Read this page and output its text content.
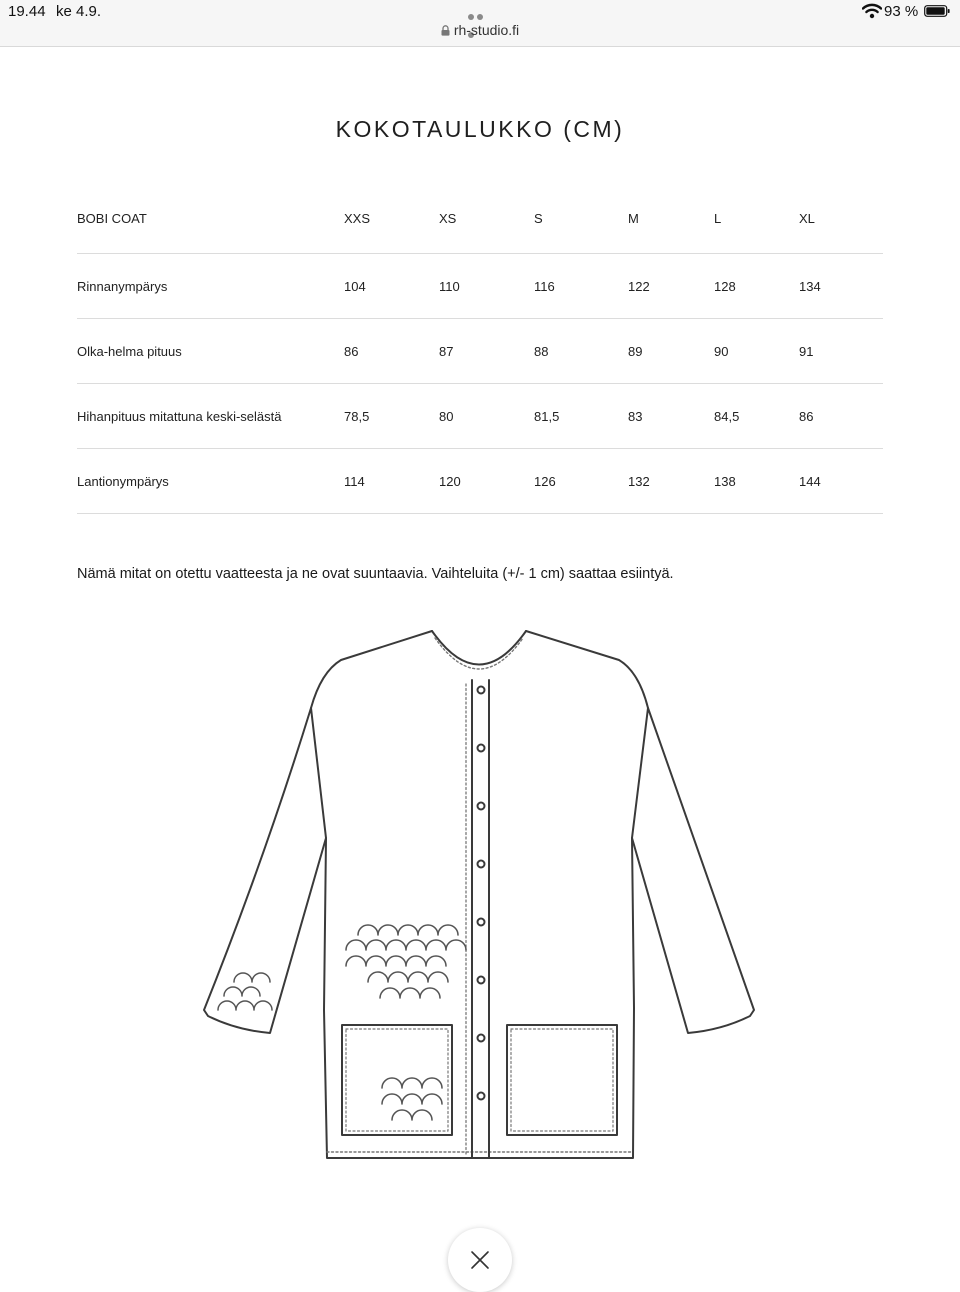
19.44 ke 4.9.	93 %
rh-studio.fi
KOKOTAULUKKO (CM)
BOBI COAT	XXS	XS	S	M	L	XL
Rinnanympärys	104	110	116	122	128	134
Olka-helma pituus	86	87	88	89	90	91
Hihanpituus mitattuna keski-selästä	78,5	80	81,5	83	84,5	86
Lantionympärys	114	120	126	132	138	144
Nämä mitat on otettu vaatteesta ja ne ovat suuntaavia. Vaihteluita (+/- 1 cm) saattaa esiintyä.
